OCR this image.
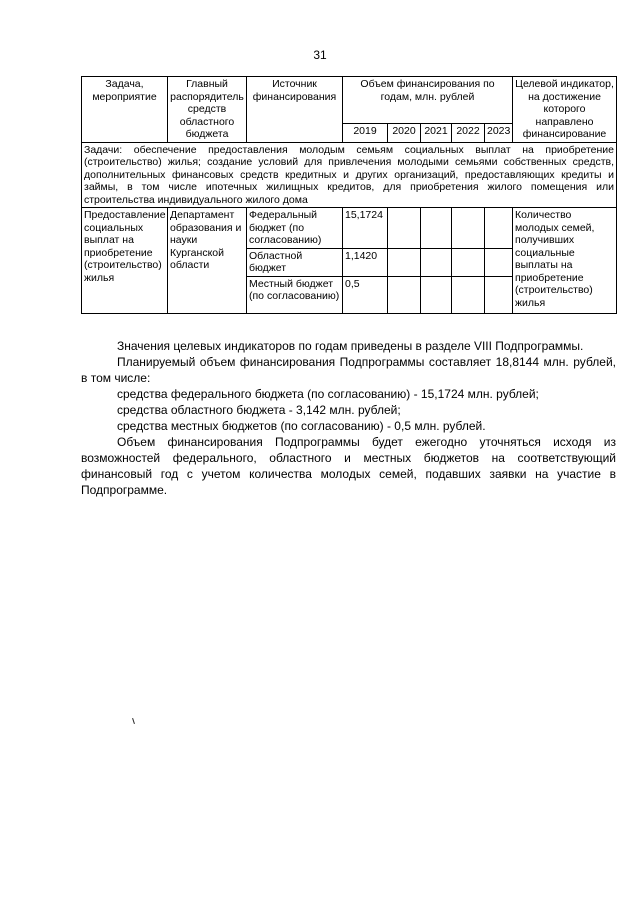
31
Задача, мероприятие	Главный распорядитель средств областного бюджета	Источник финансирования	Объем финансирования по годам, млн. рублей					Целевой индикатор, на достижение которого направлено финансирование
			2019	2020	2021	2022	2023	
Задачи: обеспечение предоставления молодым семьям социальных выплат на приобретение (строительство) жилья; создание условий для привлечения молодыми семьями собственных средств, дополнительных финансовых средств кредитных и других организаций, предоставляющих кредиты и займы, в том числе ипотечных жилищных кредитов, для приобретения жилого помещения или строительства индивидуального жилого дома								
Предоставление социальных выплат на приобретение (строительство) жилья	Департамент образования и науки Курганской области	Федеральный бюджет (по согласованию)	15,1724					Количество молодых семей, получивших социальные выплаты на приобретение (строительство) жилья
		Областной бюджет	1,1420					
		Местный бюджет (по согласованию)	0,5					

Значения целевых индикаторов по годам приведены в разделе VIII Подпрограммы.

Планируемый объем финансирования Подпрограммы составляет 18,8144 млн. рублей, в том числе:

средства федерального бюджета (по согласованию) - 15,1724 млн. рублей;

средства областного бюджета - 3,142 млн. рублей;

средства местных бюджетов (по согласованию) - 0,5 млн. рублей.

Объем финансирования Подпрограммы будет ежегодно уточняться исходя из возможностей федерального, областного и местных бюджетов на соответствующий финансовый год с учетом количества молодых семей, подавших заявки на участие в Подпрограмме.
